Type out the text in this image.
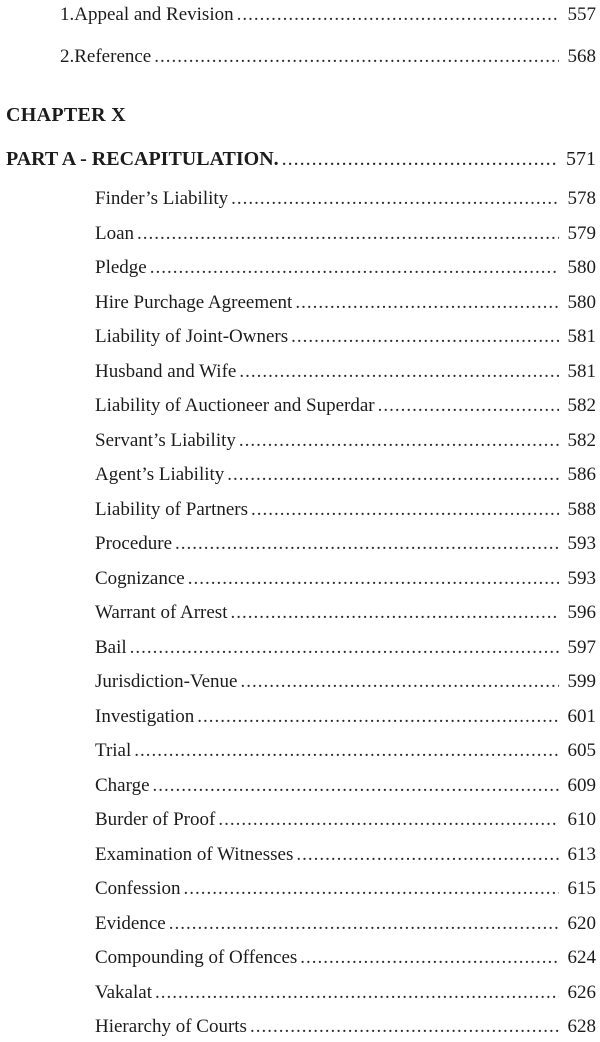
1. Appeal and Revision .....	557
2. Reference .....	568
CHAPTER X
PART A - RECAPITULATION. .....	571
Finder’s Liability .....	578
Loan .....	579
Pledge .....	580
Hire Purchage Agreement .....	580
Liability of Joint-Owners .....	581
Husband and Wife .....	581
Liability of Auctioneer and Superdar .....	582
Servant’s Liability .....	582
Agent’s Liability .....	586
Liability of Partners .....	588
Procedure .....	593
Cognizance .....	593
Warrant of Arrest .....	596
Bail .....	597
Jurisdiction-Venue .....	599
Investigation .....	601
Trial .....	605
Charge .....	609
Burder of Proof .....	610
Examination of Witnesses .....	613
Confession .....	615
Evidence .....	620
Compounding of Offences .....	624
Vakalat .....	626
Hierarchy of Courts .....	628
